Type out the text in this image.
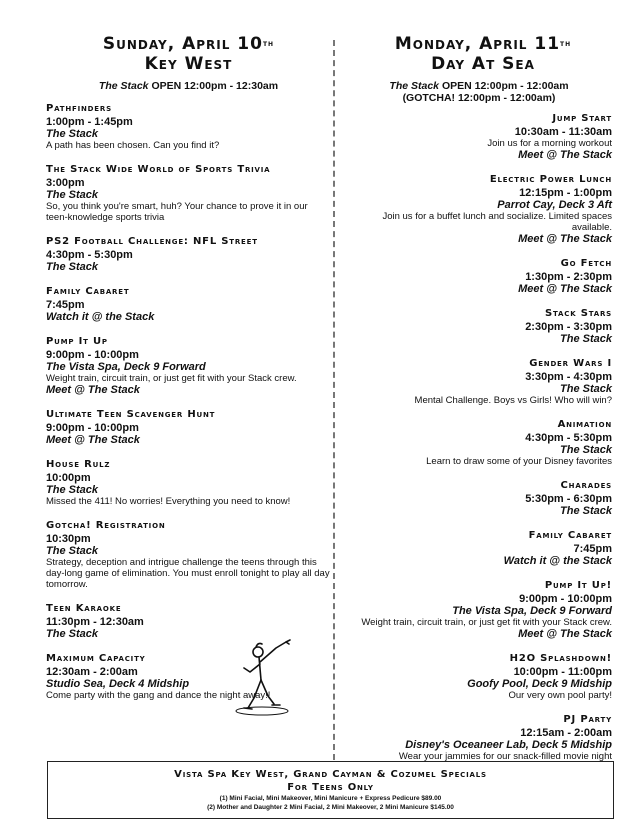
Sunday, April 10th
Key West
The Stack OPEN 12:00pm - 12:30am
Pathfinders
1:00pm - 1:45pm
The Stack
A path has been chosen. Can you find it?
The Stack Wide World of Sports Trivia
3:00pm
The Stack
So, you think you're smart, huh? Your chance to prove it in our teen-knowledge sports trivia
PS2 Football Challenge: NFL Street
4:30pm - 5:30pm
The Stack
Family Cabaret
7:45pm
Watch it @ the Stack
Pump It Up
9:00pm - 10:00pm
The Vista Spa, Deck 9 Forward
Weight train, circuit train, or just get fit with your Stack crew.
Meet @ The Stack
Ultimate Teen Scavenger Hunt
9:00pm - 10:00pm
Meet @ The Stack
House Rulz
10:00pm
The Stack
Missed the 411! No worries! Everything you need to know!
Gotcha! Registration
10:30pm
The Stack
Strategy, deception and intrigue challenge the teens through this day-long game of elimination. You must enroll tonight to play all day tomorrow.
Teen Karaoke
11:30pm - 12:30am
The Stack
Maximum Capacity
12:30am - 2:00am
Studio Sea, Deck 4 Midship
Come party with the gang and dance the night away!!
Monday, April 11th
Day At Sea
The Stack OPEN 12:00pm - 12:00am
(GOTCHA! 12:00pm - 12:00am)
Jump Start
10:30am - 11:30am
Join us for a morning workout
Meet @ The Stack
Electric Power Lunch
12:15pm - 1:00pm
Parrot Cay, Deck 3 Aft
Join us for a buffet lunch and socialize. Limited spaces available.
Meet @ The Stack
Go Fetch
1:30pm - 2:30pm
Meet @ The Stack
Stack Stars
2:30pm - 3:30pm
The Stack
Gender Wars I
3:30pm - 4:30pm
The Stack
Mental Challenge. Boys vs Girls! Who will win?
Animation
4:30pm - 5:30pm
The Stack
Learn to draw some of your Disney favorites
Charades
5:30pm - 6:30pm
The Stack
Family Cabaret
7:45pm
Watch it @ the Stack
Pump It Up!
9:00pm - 10:00pm
The Vista Spa, Deck 9 Forward
Weight train, circuit train, or just get fit with your Stack crew.
Meet @ The Stack
H2O Splashdown!
10:00pm - 11:00pm
Goofy Pool, Deck 9 Midship
Our very own pool party!
PJ Party
12:15am - 2:00am
Disney's Oceaneer Lab, Deck 5 Midship
Wear your jammies for our snack-filled movie night
Vista Spa Key West, Grand Cayman & Cozumel Specials
For Teens Only
(1) Mini Facial, Mini Makeover, Mini Manicure + Express Pedicure $89.00
(2) Mother and Daughter 2 Mini Facial, 2 Mini Makeover, 2 Mini Manicure $145.00
